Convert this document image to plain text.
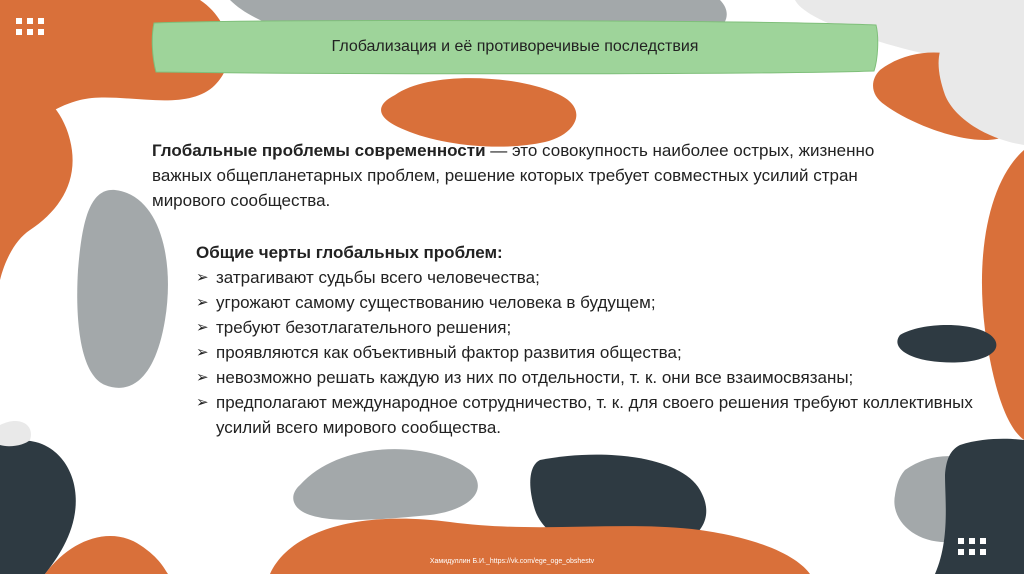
Глобализация и её противоречивые последствия
Глобальные проблемы современности — это совокупность наиболее острых, жизненно важных общепланетарных проблем, решение которых требует совместных усилий стран мирового сообщества.
Общие черты глобальных проблем:
➢ затрагивают судьбы всего человечества;
➢ угрожают самому существованию человека в будущем;
➢ требуют безотлагательного решения;
➢ проявляются как объективный фактор развития общества;
➢ невозможно решать каждую из них по отдельности, т. к. они все взаимосвязаны;
➢ предполагают международное сотрудничество, т. к. для своего решения требуют коллективных усилий всего мирового сообщества.
Хамидуллин Б.И._https://vk.com/ege_oge_obshestv
